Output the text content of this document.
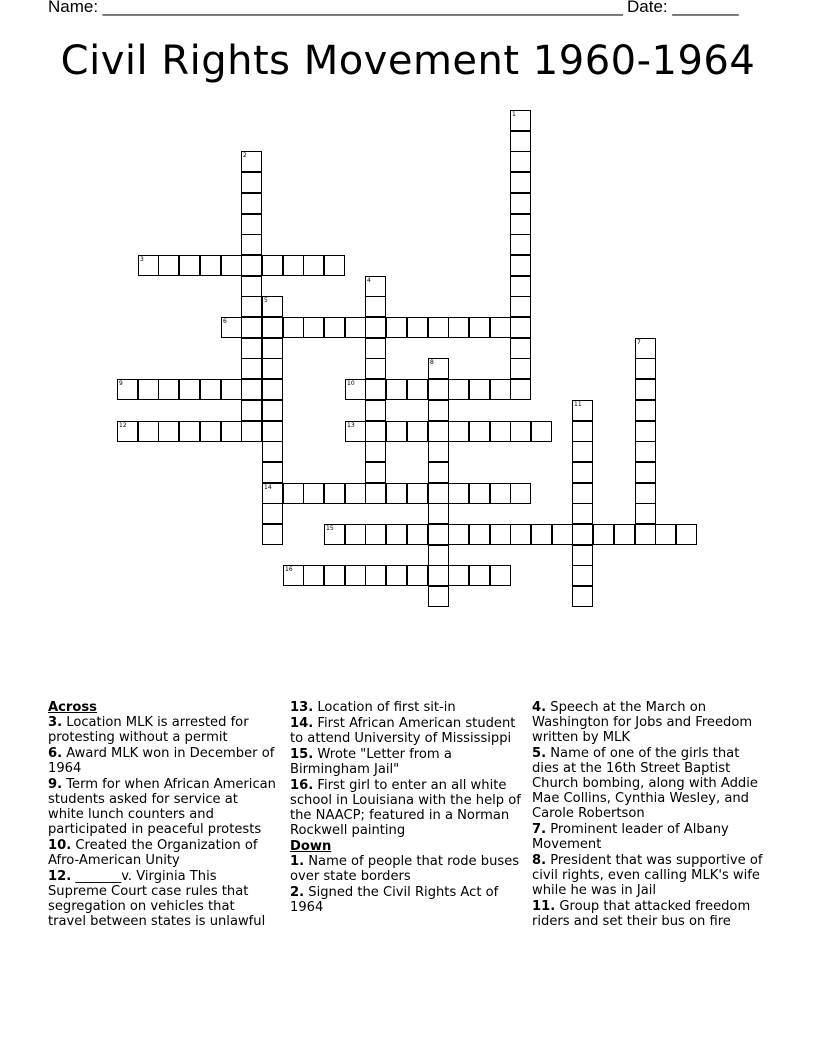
Name: _______________________________________________________ Date: _______
Civil Rights Movement 1960-1964
1
2
3
4
5
14
6
7
8
9	10
11
12	13
15
16
Across
3. Location MLK is arrested for protesting without a permit
6. Award MLK won in December of 1964
9. Term for when African American students asked for service at white lunch counters and participated in peaceful protests
10. Created the Organization of Afro-American Unity
12. _______v. Virginia This Supreme Court case rules that segregation on vehicles that travel between states is unlawful
13. Location of first sit-in
14. First African American student to attend University of Mississippi
15. Wrote "Letter from a Birmingham Jail"
16. First girl to enter an all white school in Louisiana with the help of the NAACP; featured in a Norman Rockwell painting
Down
1. Name of people that rode buses over state borders
2. Signed the Civil Rights Act of 1964
4. Speech at the March on Washington for Jobs and Freedom written by MLK
5. Name of one of the girls that dies at the 16th Street Baptist Church bombing, along with Addie Mae Collins, Cynthia Wesley, and Carole Robertson
7. Prominent leader of Albany Movement
8. President that was supportive of civil rights, even calling MLK's wife while he was in Jail
11. Group that attacked freedom riders and set their bus on fire
